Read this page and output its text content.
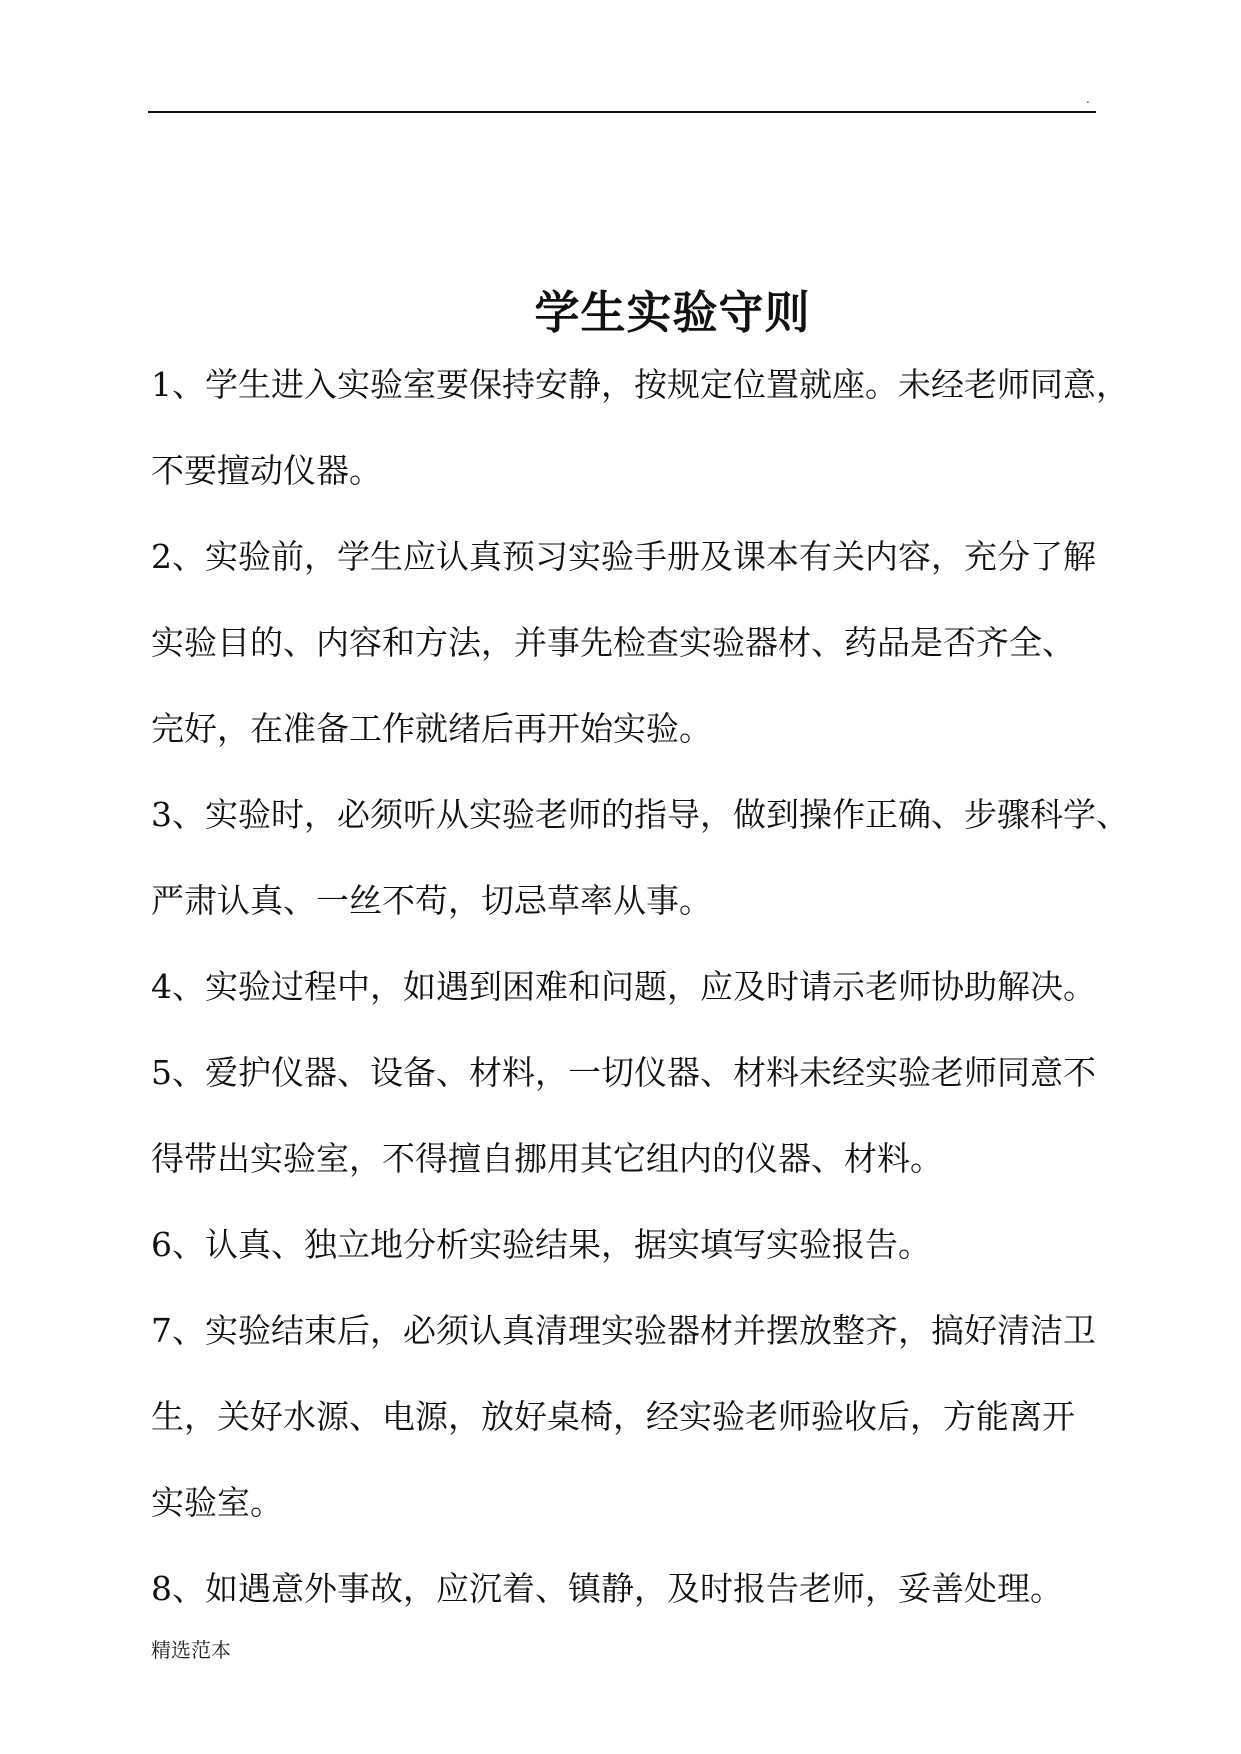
.
学生实验守则

1、学生进入实验室要保持安静，按规定位置就座。未经老师同意，

不要擅动仪器。

2、实验前，学生应认真预习实验手册及课本有关内容，充分了解

实验目的、内容和方法，并事先检查实验器材、药品是否齐全、

完好，在准备工作就绪后再开始实验。

3、实验时，必须听从实验老师的指导，做到操作正确、步骤科学、

严肃认真、一丝不苟，切忌草率从事。

4、实验过程中，如遇到困难和问题，应及时请示老师协助解决。

5、爱护仪器、设备、材料，一切仪器、材料未经实验老师同意不

得带出实验室，不得擅自挪用其它组内的仪器、材料。

6、认真、独立地分析实验结果，据实填写实验报告。

7、实验结束后，必须认真清理实验器材并摆放整齐，搞好清洁卫

生，关好水源、电源，放好桌椅，经实验老师验收后，方能离开

实验室。

8、如遇意外事故，应沉着、镇静，及时报告老师，妥善处理。

精选范本
